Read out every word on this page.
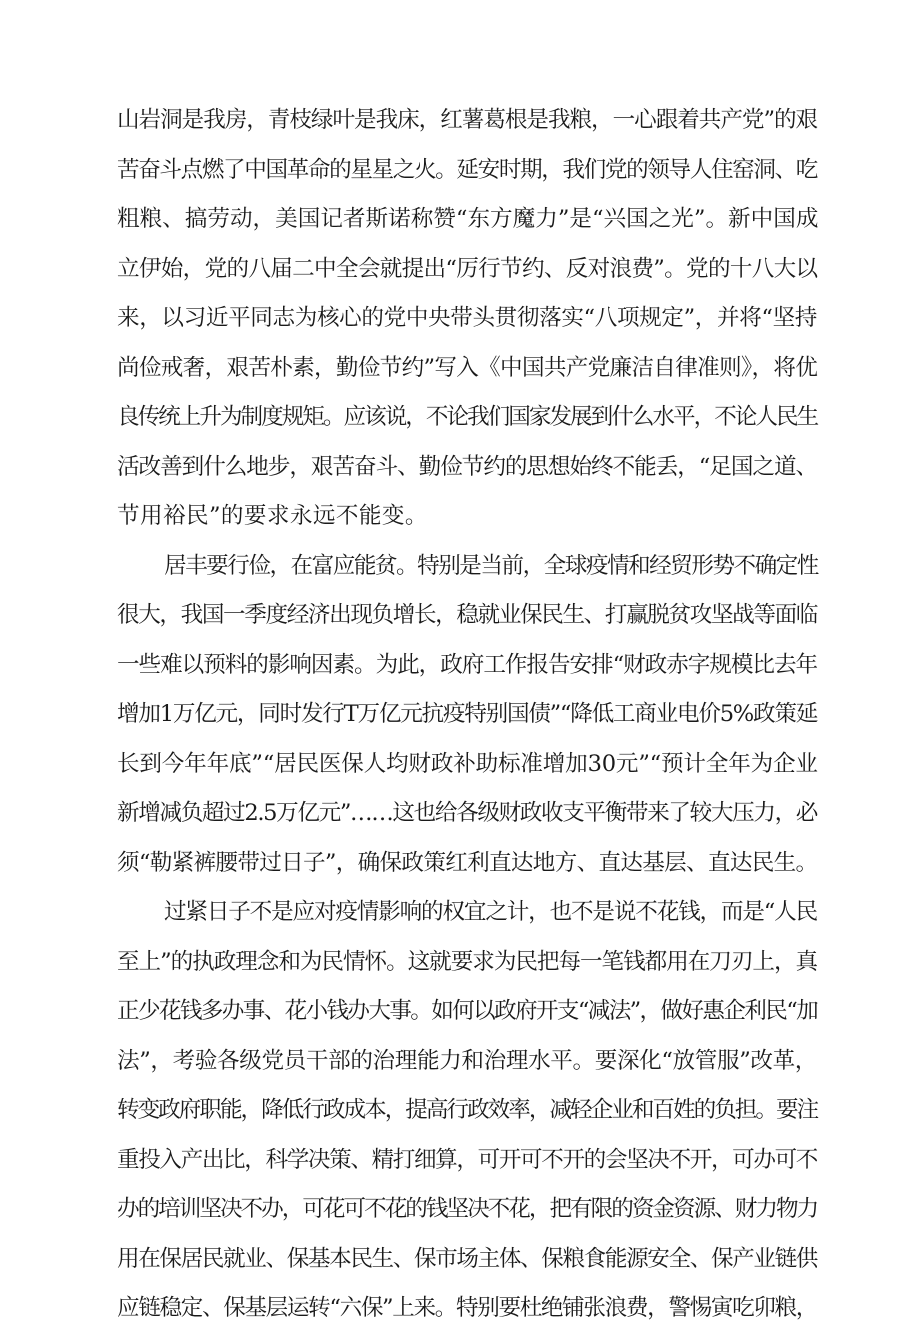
山岩洞是我房，青枝绿叶是我床，红薯葛根是我粮，一心跟着共产党”的艰
苦奋斗点燃了中国革命的星星之火。延安时期，我们党的领导人住窑洞、吃
粗粮、搞劳动，美国记者斯诺称赞“东方魔力”是“兴国之光”。新中国成
立伊始，党的八届二中全会就提出“厉行节约、反对浪费”。党的十八大以
来，以习近平同志为核心的党中央带头贯彻落实“八项规定”，并将“坚持
尚俭戒奢，艰苦朴素，勤俭节约”写入《中国共产党廉洁自律准则》，将优
良传统上升为制度规矩。应该说，不论我们国家发展到什么水平，不论人民生
活改善到什么地步，艰苦奋斗、勤俭节约的思想始终不能丢，“足国之道、
节用裕民”的要求永远不能变。
居丰要行俭，在富应能贫。特别是当前，全球疫情和经贸形势不确定性
很大，我国一季度经济出现负增长，稳就业保民生、打赢脱贫攻坚战等面临
一些难以预料的影响因素。为此，政府工作报告安排“财政赤字规模比去年
增加1万亿元，同时发行T万亿元抗疫特别国债”“降低工商业电价5%政策延
长到今年年底”“居民医保人均财政补助标准增加30元”“预计全年为企业
新增减负超过2.5万亿元”……这也给各级财政收支平衡带来了较大压力，必
须“勒紧裤腰带过日子”，确保政策红利直达地方、直达基层、直达民生。
过紧日子不是应对疫情影响的权宜之计，也不是说不花钱，而是“人民
至上”的执政理念和为民情怀。这就要求为民把每一笔钱都用在刀刃上，真
正少花钱多办事、花小钱办大事。如何以政府开支“减法”，做好惠企利民“加
法”，考验各级党员干部的治理能力和治理水平。要深化“放管服”改革，
转变政府职能，降低行政成本，提高行政效率，减轻企业和百姓的负担。要注
重投入产出比，科学决策、精打细算，可开可不开的会坚决不开，可办可不
办的培训坚决不办，可花可不花的钱坚决不花，把有限的资金资源、财力物力
用在保居民就业、保基本民生、保市场主体、保粮食能源安全、保产业链供
应链稳定、保基层运转“六保”上来。特别要杜绝铺张浪费，警惕寅吃卯粮，
